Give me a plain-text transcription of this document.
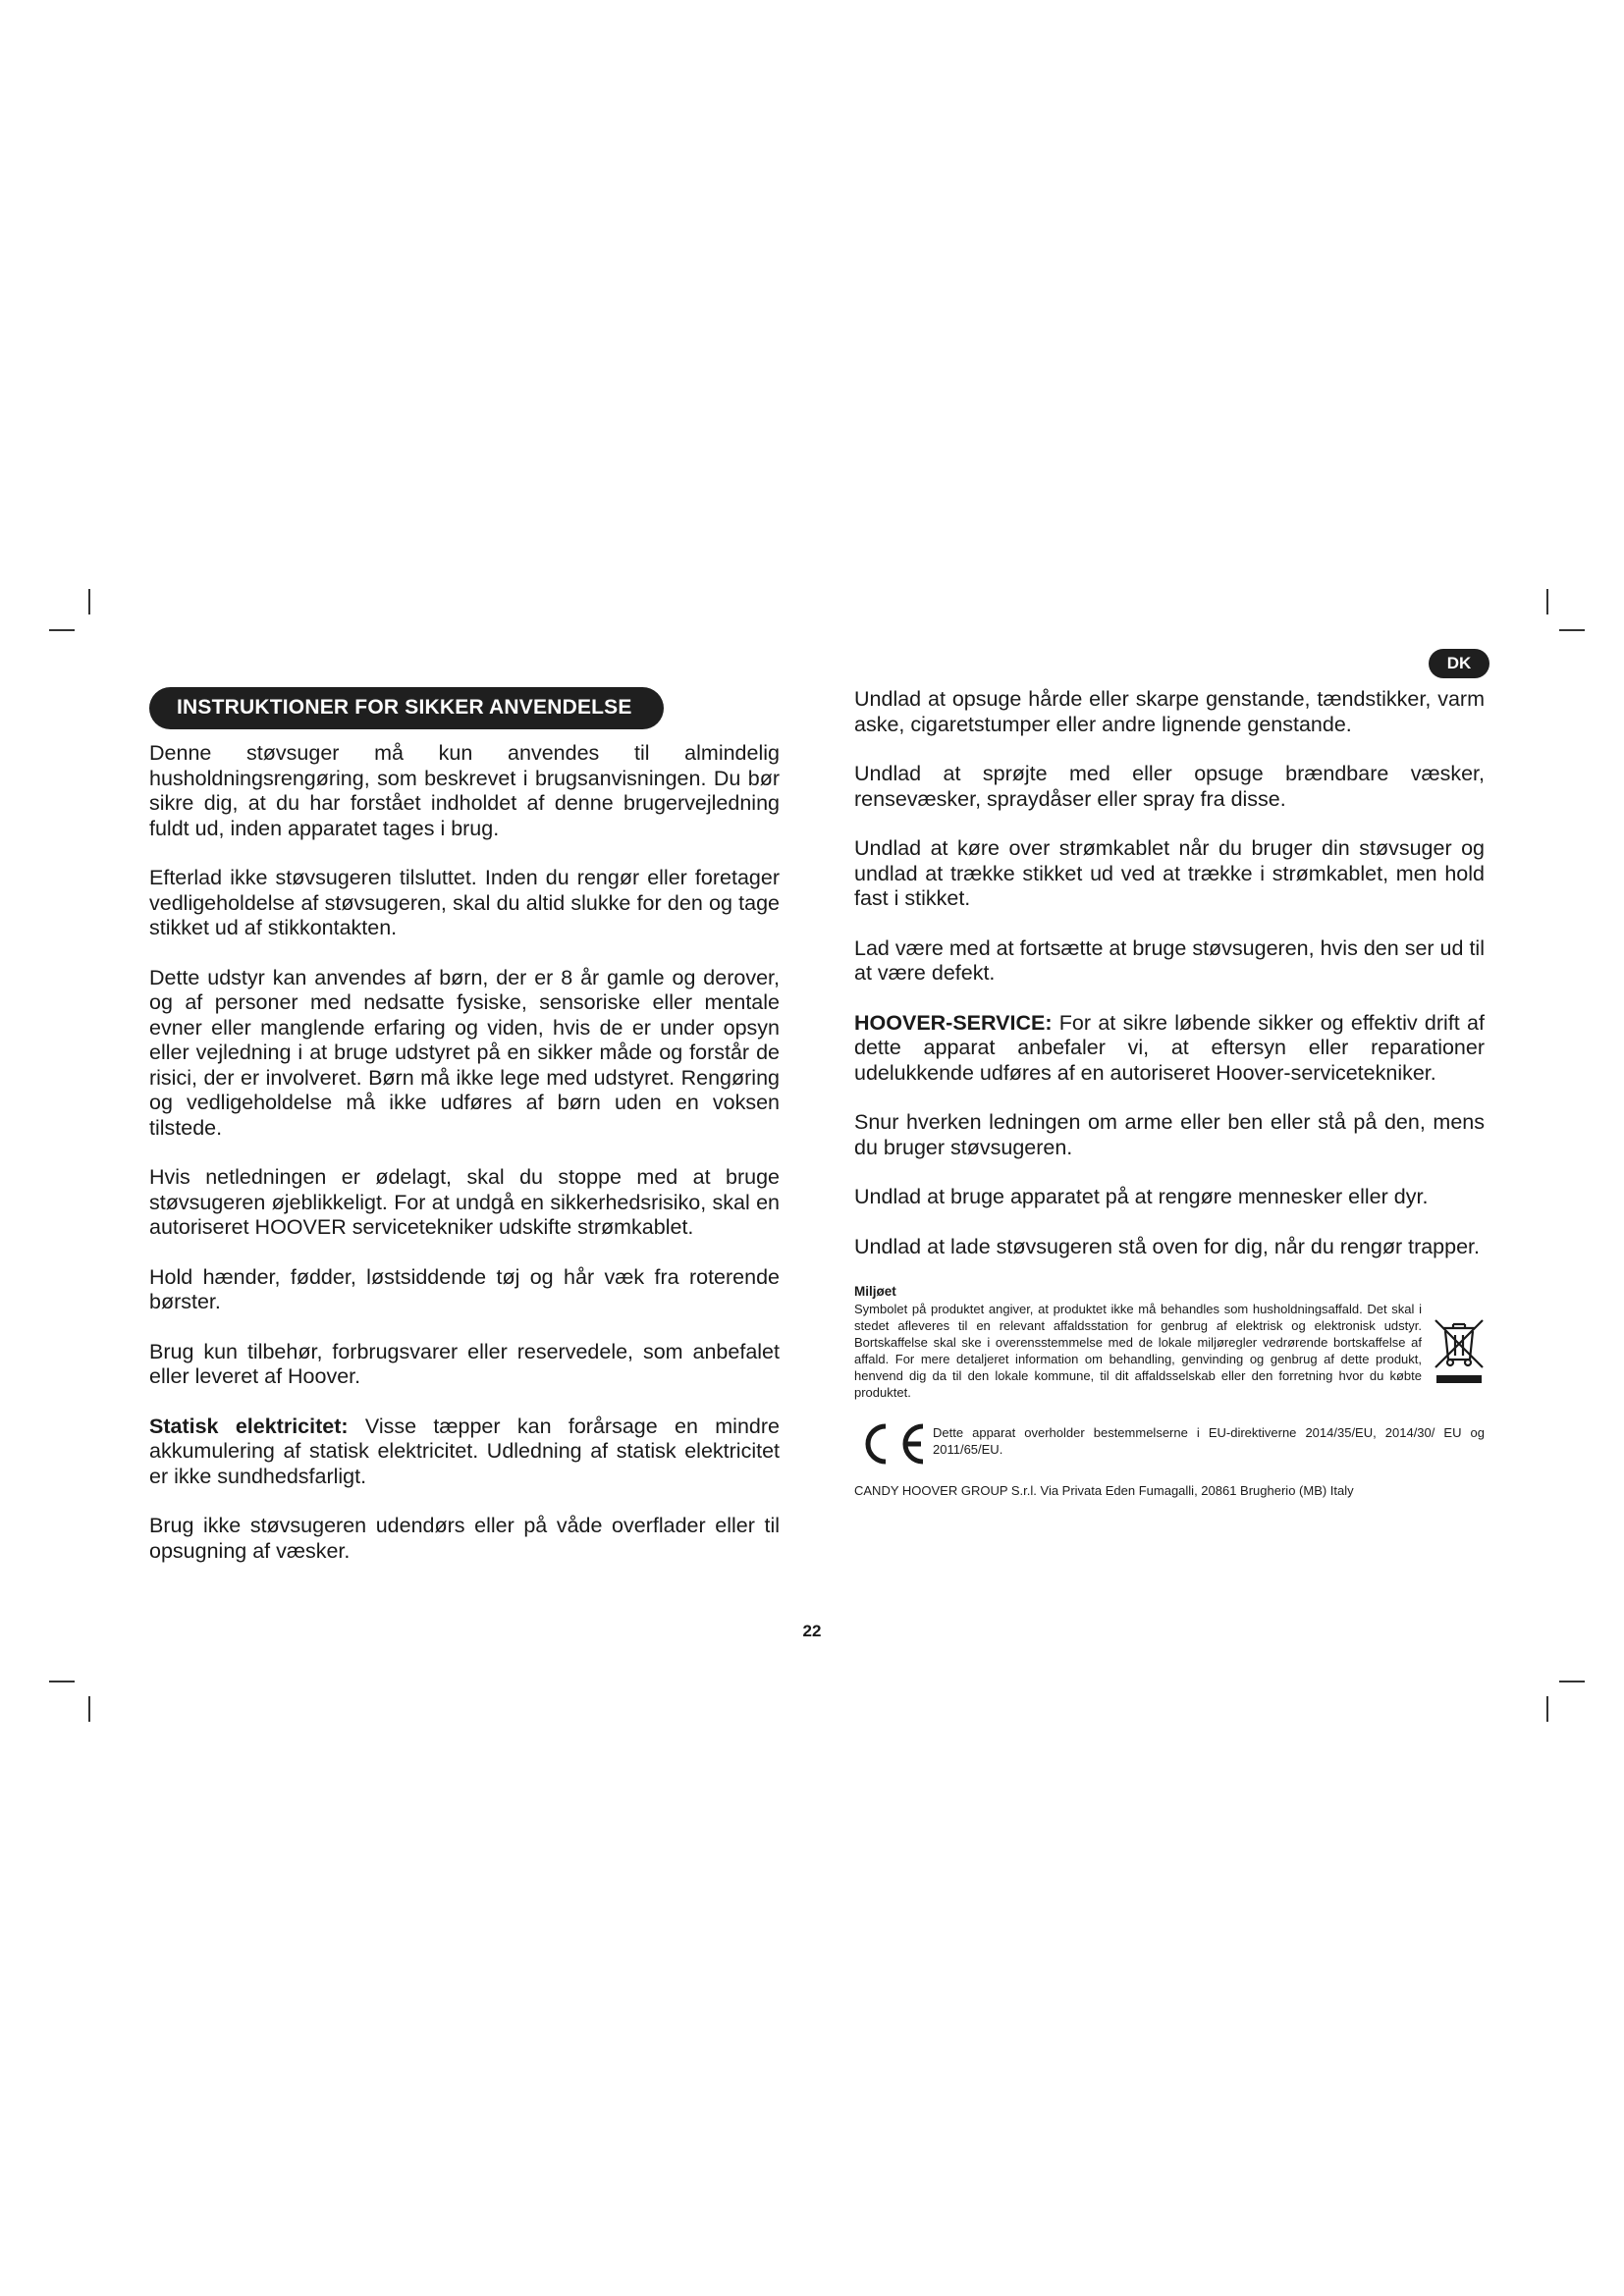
DK
INSTRUKTIONER FOR SIKKER ANVENDELSE

Denne støvsuger må kun anvendes til almindelig husholdningsrengøring, som beskrevet i brugsanvisningen. Du bør sikre dig, at du har forstået indholdet af denne brugervejledning fuldt ud, inden apparatet tages i brug.

Efterlad ikke støvsugeren tilsluttet. Inden du rengør eller foretager vedligeholdelse af støvsugeren, skal du altid slukke for den og tage stikket ud af stikkontakten.

Dette udstyr kan anvendes af børn, der er 8 år gamle og derover, og af personer med nedsatte fysiske, sensoriske eller mentale evner eller manglende erfaring og viden, hvis de er under opsyn eller vejledning i at bruge udstyret på en sikker måde og forstår de risici, der er involveret. Børn må ikke lege med udstyret. Rengøring og vedligeholdelse må ikke udføres af børn uden en voksen tilstede.

Hvis netledningen er ødelagt, skal du stoppe med at bruge støvsugeren øjeblikkeligt. For at undgå en sikkerhedsrisiko, skal en autoriseret HOOVER servicetekniker udskifte strømkablet.

Hold hænder, fødder, løstsiddende tøj og hår væk fra roterende børster.

Brug kun tilbehør, forbrugsvarer eller reservedele, som anbefalet eller leveret af Hoover.

Statisk elektricitet: Visse tæpper kan forårsage en mindre akkumulering af statisk elektricitet. Udledning af statisk elektricitet er ikke sundhedsfarligt.

Brug ikke støvsugeren udendørs eller på våde overflader eller til opsugning af væsker.

Undlad at opsuge hårde eller skarpe genstande, tændstikker, varm aske, cigaretstumper eller andre lignende genstande.

Undlad at sprøjte med eller opsuge brændbare væsker, rensevæsker, spraydåser eller spray fra disse.

Undlad at køre over strømkablet når du bruger din støvsuger og undlad at trække stikket ud ved at trække i strømkablet, men hold fast i stikket.

Lad være med at fortsætte at bruge støvsugeren, hvis den ser ud til at være defekt.

HOOVER-SERVICE: For at sikre løbende sikker og effektiv drift af dette apparat anbefaler vi, at eftersyn eller reparationer udelukkende udføres af en autoriseret Hoover-servicetekniker.

Snur hverken ledningen om arme eller ben eller stå på den, mens du bruger støvsugeren.

Undlad at bruge apparatet på at rengøre mennesker eller dyr.

Undlad at lade støvsugeren stå oven for dig, når du rengør trapper.

Miljøet

Symbolet på produktet angiver, at produktet ikke må behandles som husholdningsaffald. Det skal i stedet afleveres til en relevant affaldsstation for genbrug af elektrisk og elektronisk udstyr. Bortskaffelse skal ske i overensstemmelse med de lokale miljøregler vedrørende bortskaffelse af affald. For mere detaljeret information om behandling, genvinding og genbrug af dette produkt, henvend dig da til den lokale kommune, til dit affaldsselskab eller den forretning hvor du købte produktet.

Dette apparat overholder bestemmelserne i EU-direktiverne 2014/35/EU, 2014/30/ EU og 2011/65/EU.

CANDY HOOVER GROUP S.r.l. Via Privata Eden Fumagalli, 20861 Brugherio (MB) Italy
22
